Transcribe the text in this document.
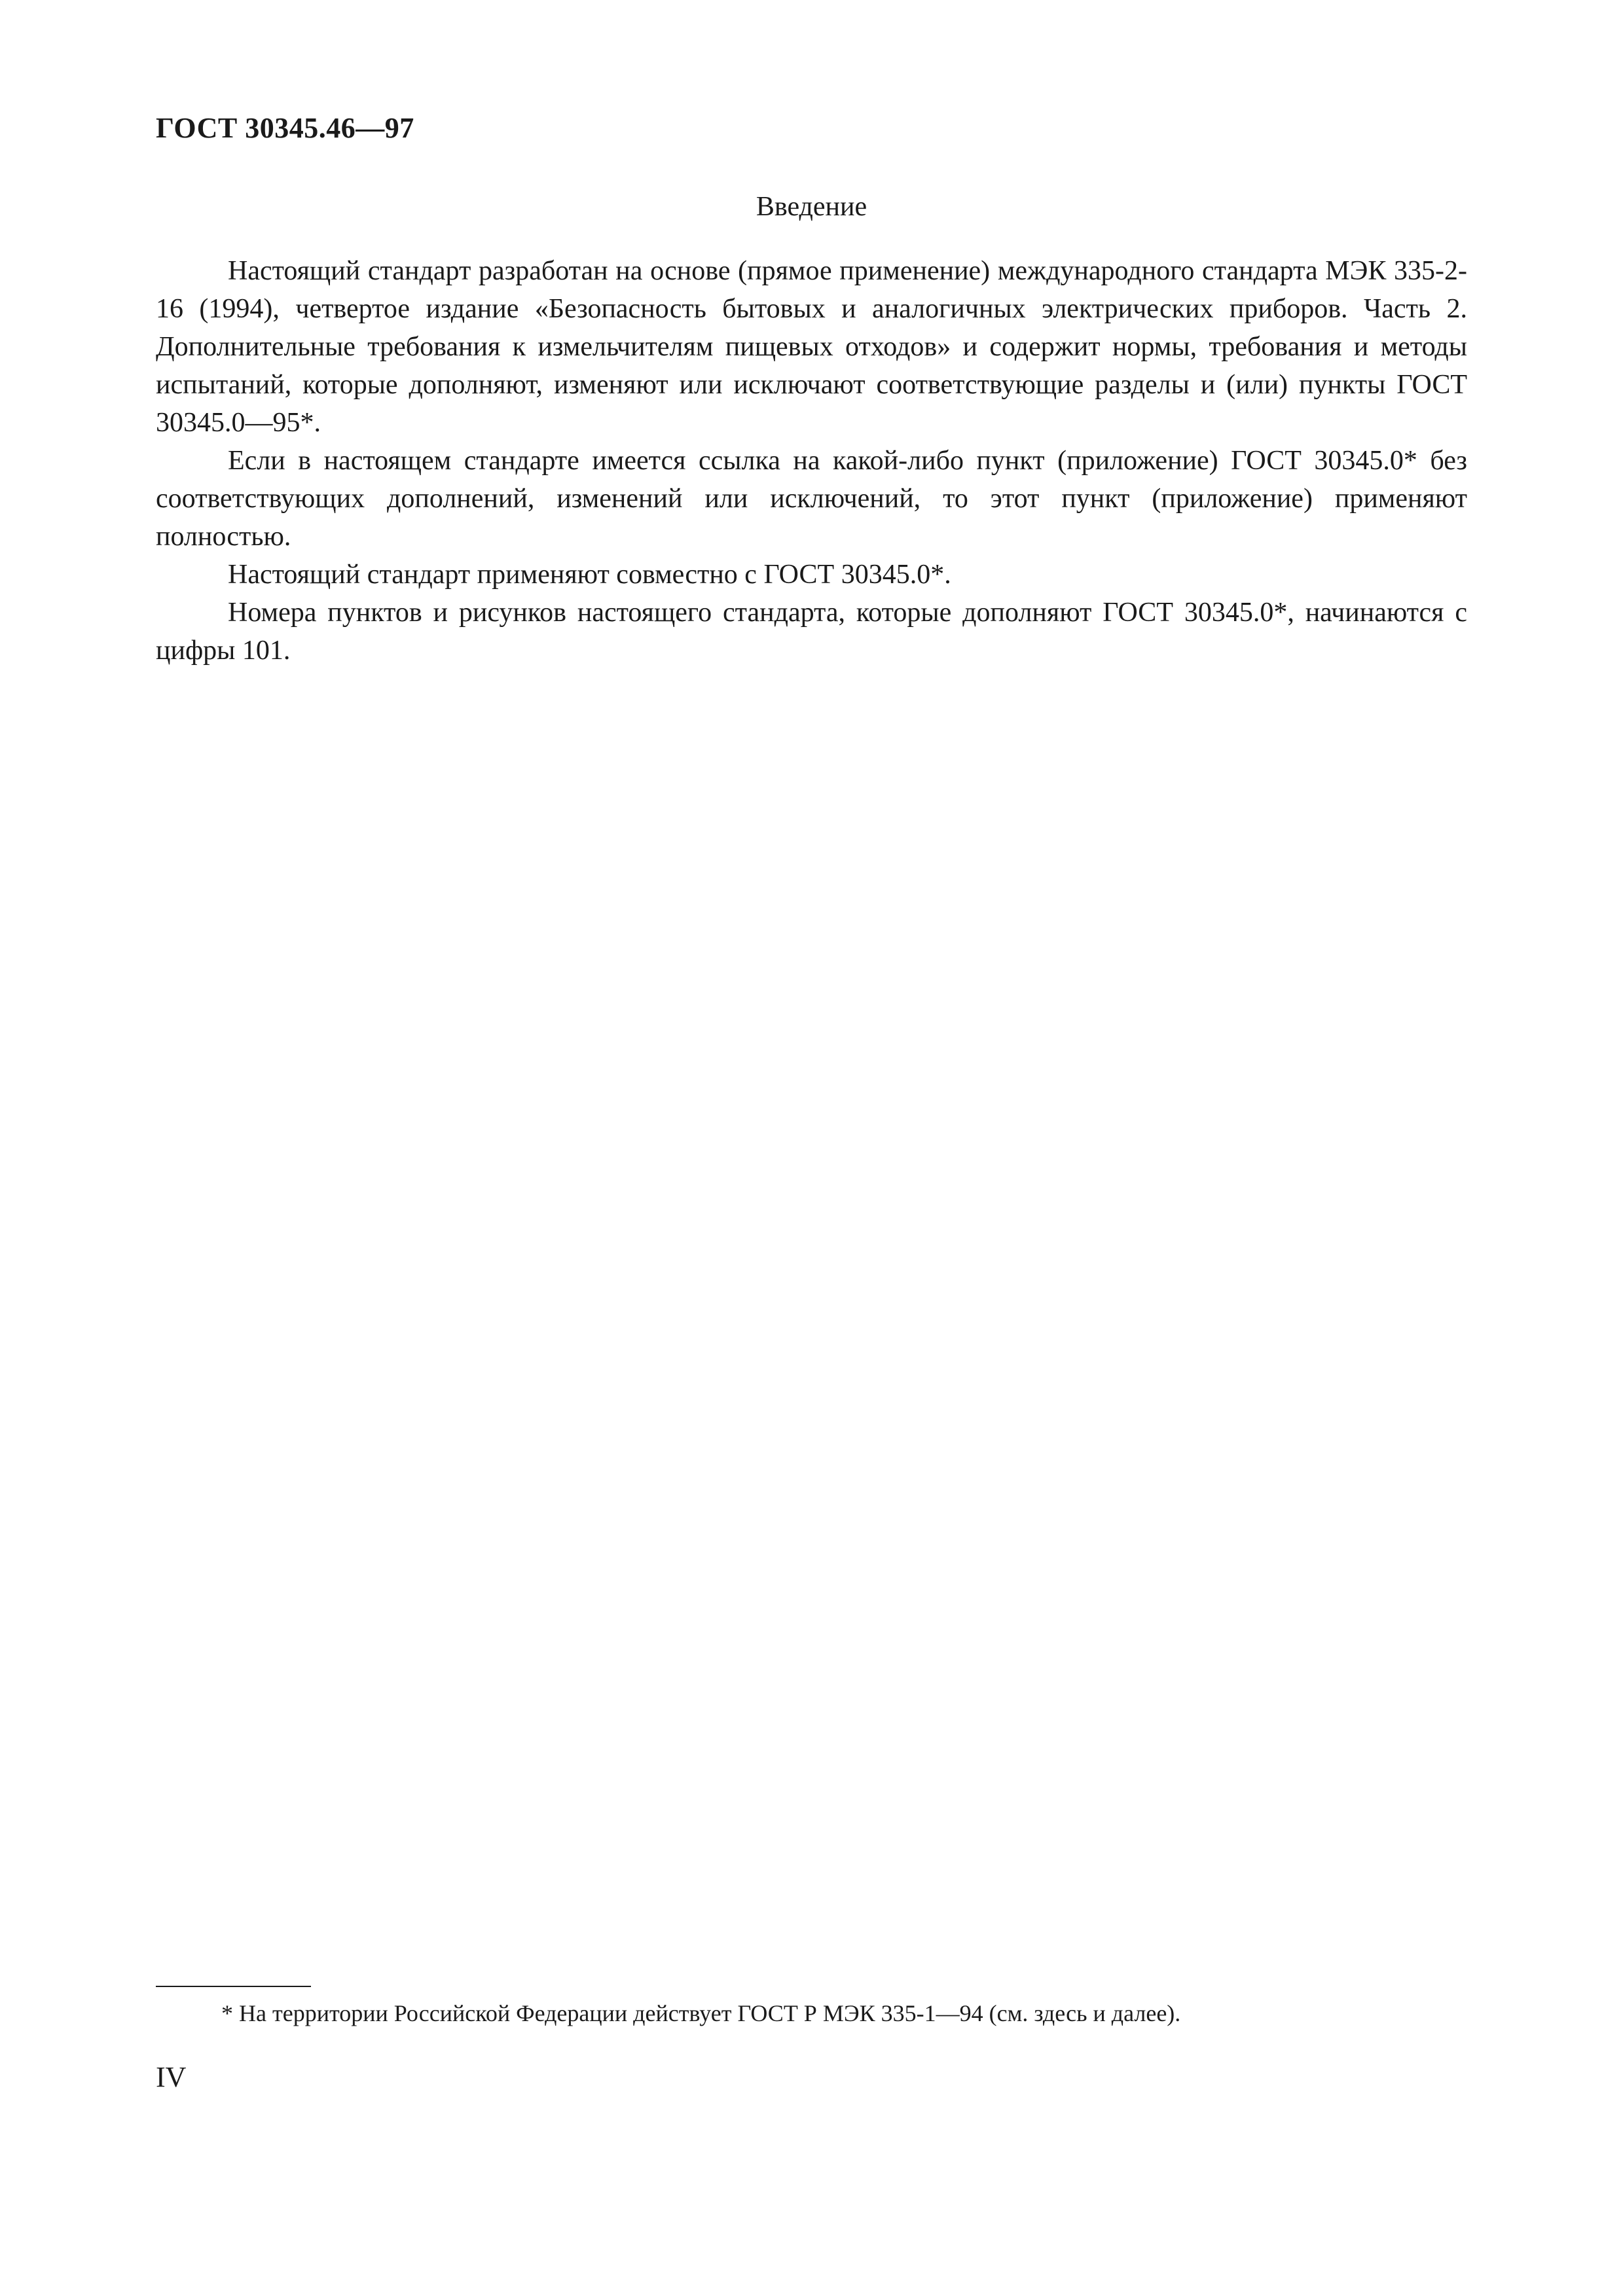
ГОСТ 30345.46—97
Введение

Настоящий стандарт разработан на основе (прямое применение) международного стандарта МЭК 335-2-16 (1994), четвертое издание «Безопасность бытовых и аналогичных электрических приборов. Часть 2. Дополнительные требования к измельчителям пищевых отходов» и содержит нормы, требования и методы испытаний, которые дополняют, изменяют или исключают соответствующие разделы и (или) пункты ГОСТ 30345.0—95*.

Если в настоящем стандарте имеется ссылка на какой-либо пункт (приложение) ГОСТ 30345.0* без соответствующих дополнений, изменений или исключений, то этот пункт (приложение) применяют полностью.

Настоящий стандарт применяют совместно с ГОСТ 30345.0*.

Номера пунктов и рисунков настоящего стандарта, которые дополняют ГОСТ 30345.0*, начинаются с цифры 101.

* На территории Российской Федерации действует ГОСТ Р МЭК 335-1—94 (см. здесь и далее).
IV
